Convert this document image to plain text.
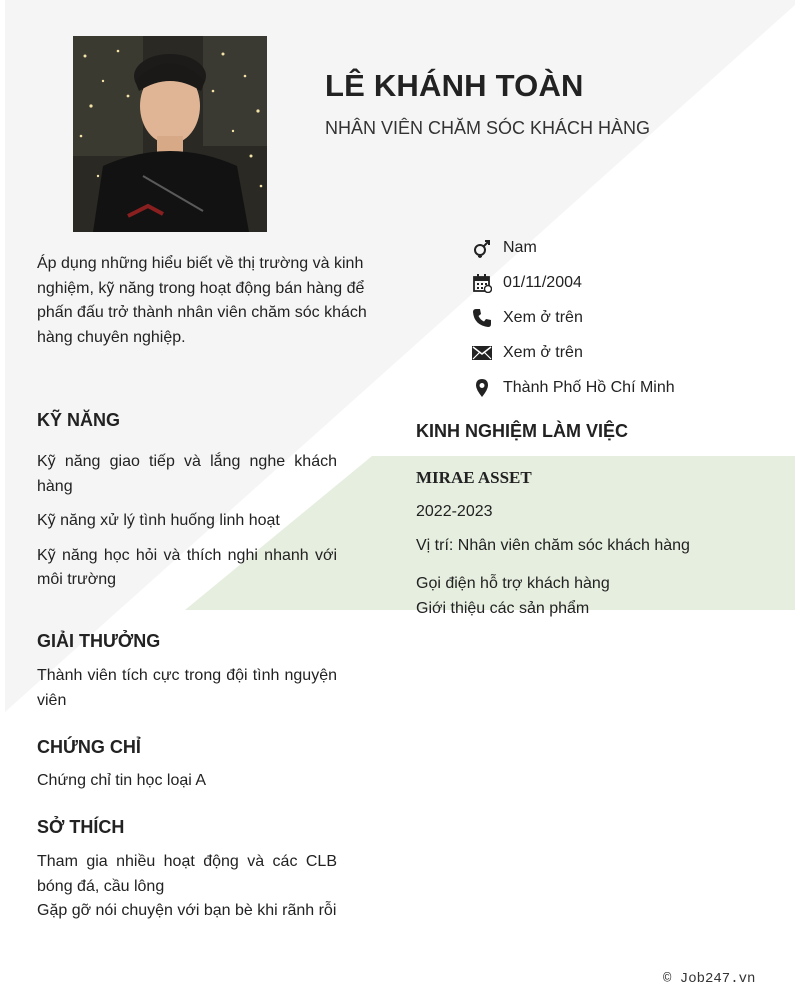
LÊ KHÁNH TOÀN
NHÂN VIÊN CHĂM SÓC KHÁCH HÀNG
Áp dụng những hiểu biết về thị trường và kinh nghiệm, kỹ năng trong hoạt động bán hàng để phấn đấu trở thành nhân viên chăm sóc khách hàng chuyên nghiệp.
Nam
01/11/2004
Xem ở trên
Xem ở trên
Thành Phố Hồ Chí Minh
KỸ NĂNG
Kỹ năng giao tiếp và lắng nghe khách hàng
Kỹ năng xử lý tình huống linh hoạt
Kỹ năng học hỏi và thích nghi nhanh với môi trường
GIẢI THƯỞNG
Thành viên tích cực trong đội tình nguyện viên
CHỨNG CHỈ
Chứng chỉ tin học loại A
SỞ THÍCH
Tham gia nhiều hoạt động và các CLB bóng đá, cầu lông
Gặp gỡ nói chuyện với bạn bè khi rãnh rỗi
KINH NGHIỆM LÀM VIỆC
MIRAE ASSET
2022-2023
Vị trí: Nhân viên chăm sóc khách hàng
Gọi điện hỗ trợ khách hàng
Giới thiệu các sản phẩm
© Job247.vn
